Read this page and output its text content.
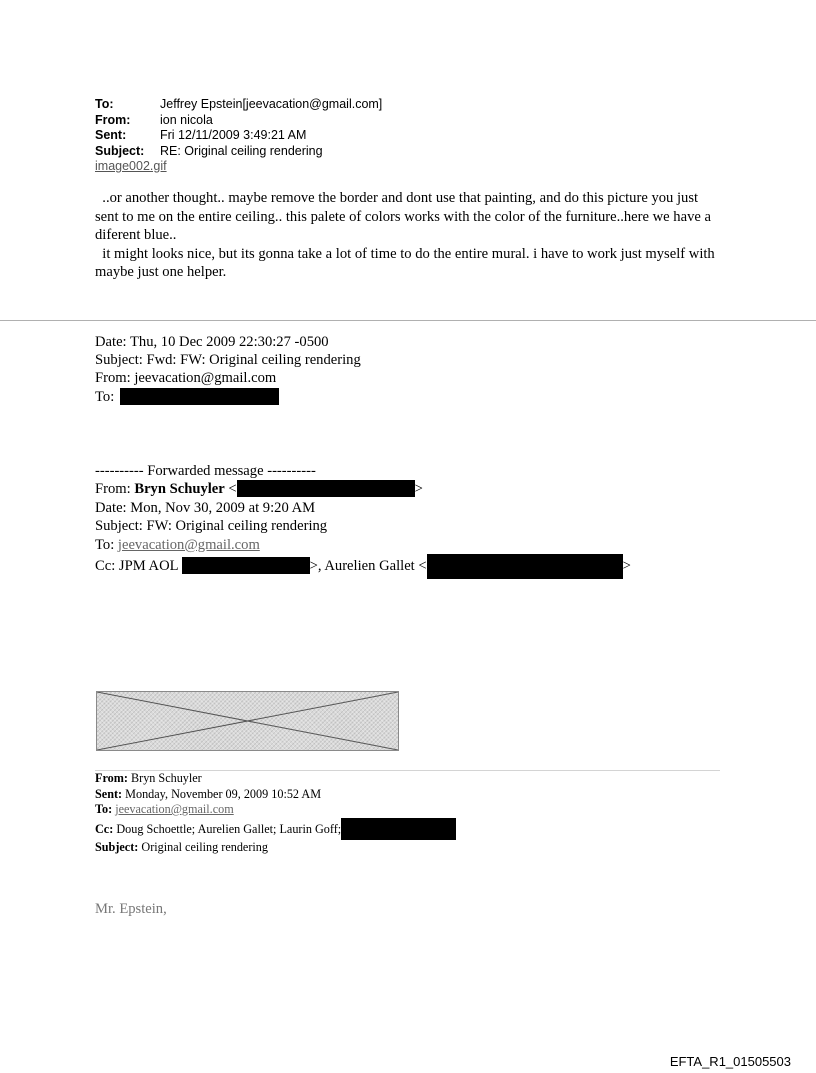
To:	Jeffrey Epstein[jeevacation@gmail.com]
From:	ion nicola
Sent:	Fri 12/11/2009 3:49:21 AM
Subject:	RE: Original ceiling rendering
image002.gif

..or another thought.. maybe remove the border and dont use that painting, and do this picture you just sent to me on the entire ceiling.. this palete of colors works with the color of the furniture..here we have a diferent blue..

it might looks nice, but its gonna take a lot of time to do the entire mural. i have to work just myself with maybe just one helper.

Date: Thu, 10 Dec 2009 22:30:27 -0500
Subject: Fwd: FW: Original ceiling rendering
From: jeevacation@gmail.com
To:
---------- Forwarded message ----------
From: Bryn Schuyler <	>
Date: Mon, Nov 30, 2009 at 9:20 AM
Subject: FW: Original ceiling rendering
To: jeevacation@gmail.com
Cc: JPM AOL	>, Aurelien Gallet <	>
From: Bryn Schuyler
Sent: Monday, November 09, 2009 10:52 AM
To: jeevacation@gmail.com
Cc: Doug Schoettle; Aurelien Gallet; Laurin Goff;
Subject: Original ceiling rendering
Mr. Epstein,
EFTA_R1_01505503
